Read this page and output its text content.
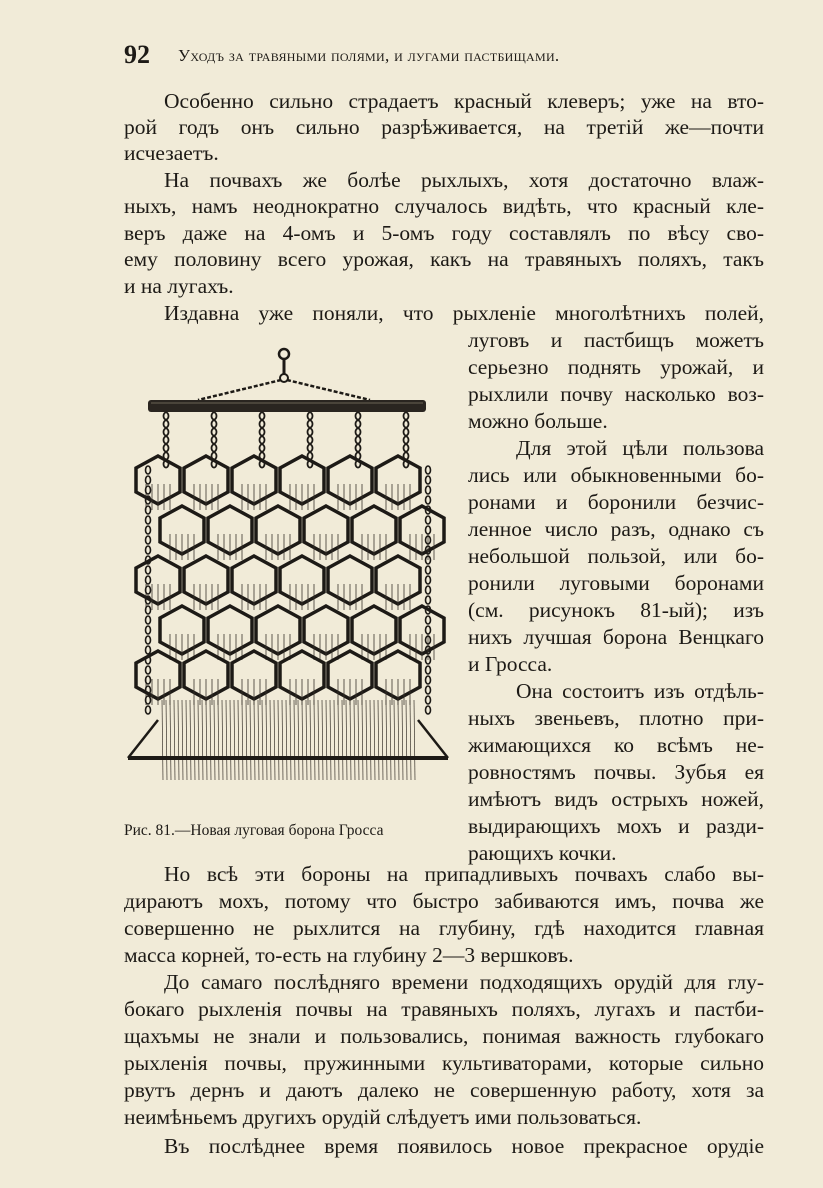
92 Уходъ за травяными полями, и лугами пастбищами.
Особенно сильно страдаетъ красный клеверъ; уже на вто-
рой годъ онъ сильно разрѣживается, на третій же—почти
исчезаетъ.
На почвахъ же болѣе рыхлыхъ, хотя достаточно влаж-
ныхъ, намъ неоднократно случалось видѣть, что красный кле-
веръ даже на 4-омъ и 5-омъ году составлялъ по вѣсу сво-
ему половину всего урожая, какъ на травяныхъ поляхъ, такъ
и на лугахъ.
Издавна уже поняли, что рыхленіе многолѣтнихъ полей,
луговъ и пастбищъ можетъ
серьезно поднять урожай, и
рыхлили почву насколько воз-
можно больше.
Для этой цѣли пользова
лись или обыкновенными бо-
ронами и боронили безчис-
ленное число разъ, однако съ
небольшой пользой, или бо-
ронили луговыми боронами
(см. рисунокъ 81-ый); изъ
нихъ лучшая борона Венцкаго
и Гросса.
Она состоитъ изъ отдѣль-
ныхъ звеньевъ, плотно при-
жимающихся ко всѣмъ не-
ровностямъ почвы. Зубья ея
имѣютъ видъ острыхъ ножей,
выдирающихъ мохъ и разди-
рающихъ кочки.
Рис. 81.—Новая луговая борона Гросса
Но всѣ эти бороны на припадливыхъ почвахъ слабо вы-
дираютъ мохъ, потому что быстро забиваются имъ, почва же
совершенно не рыхлится на глубину, гдѣ находится главная
масса корней, то-есть на глубину 2—3 вершковъ.
До самаго послѣдняго времени подходящихъ орудій для глу-
бокаго рыхленія почвы на травяныхъ поляхъ, лугахъ и пастби-
щахъмы не знали и пользовались, понимая важность глубокаго
рыхленія почвы, пружинными культиваторами, которые сильно
рвутъ дернъ и даютъ далеко не совершенную работу, хотя за
неимѣньемъ другихъ орудій слѣдуетъ ими пользоваться.
Въ послѣднее время появилось новое прекрасное орудіе
